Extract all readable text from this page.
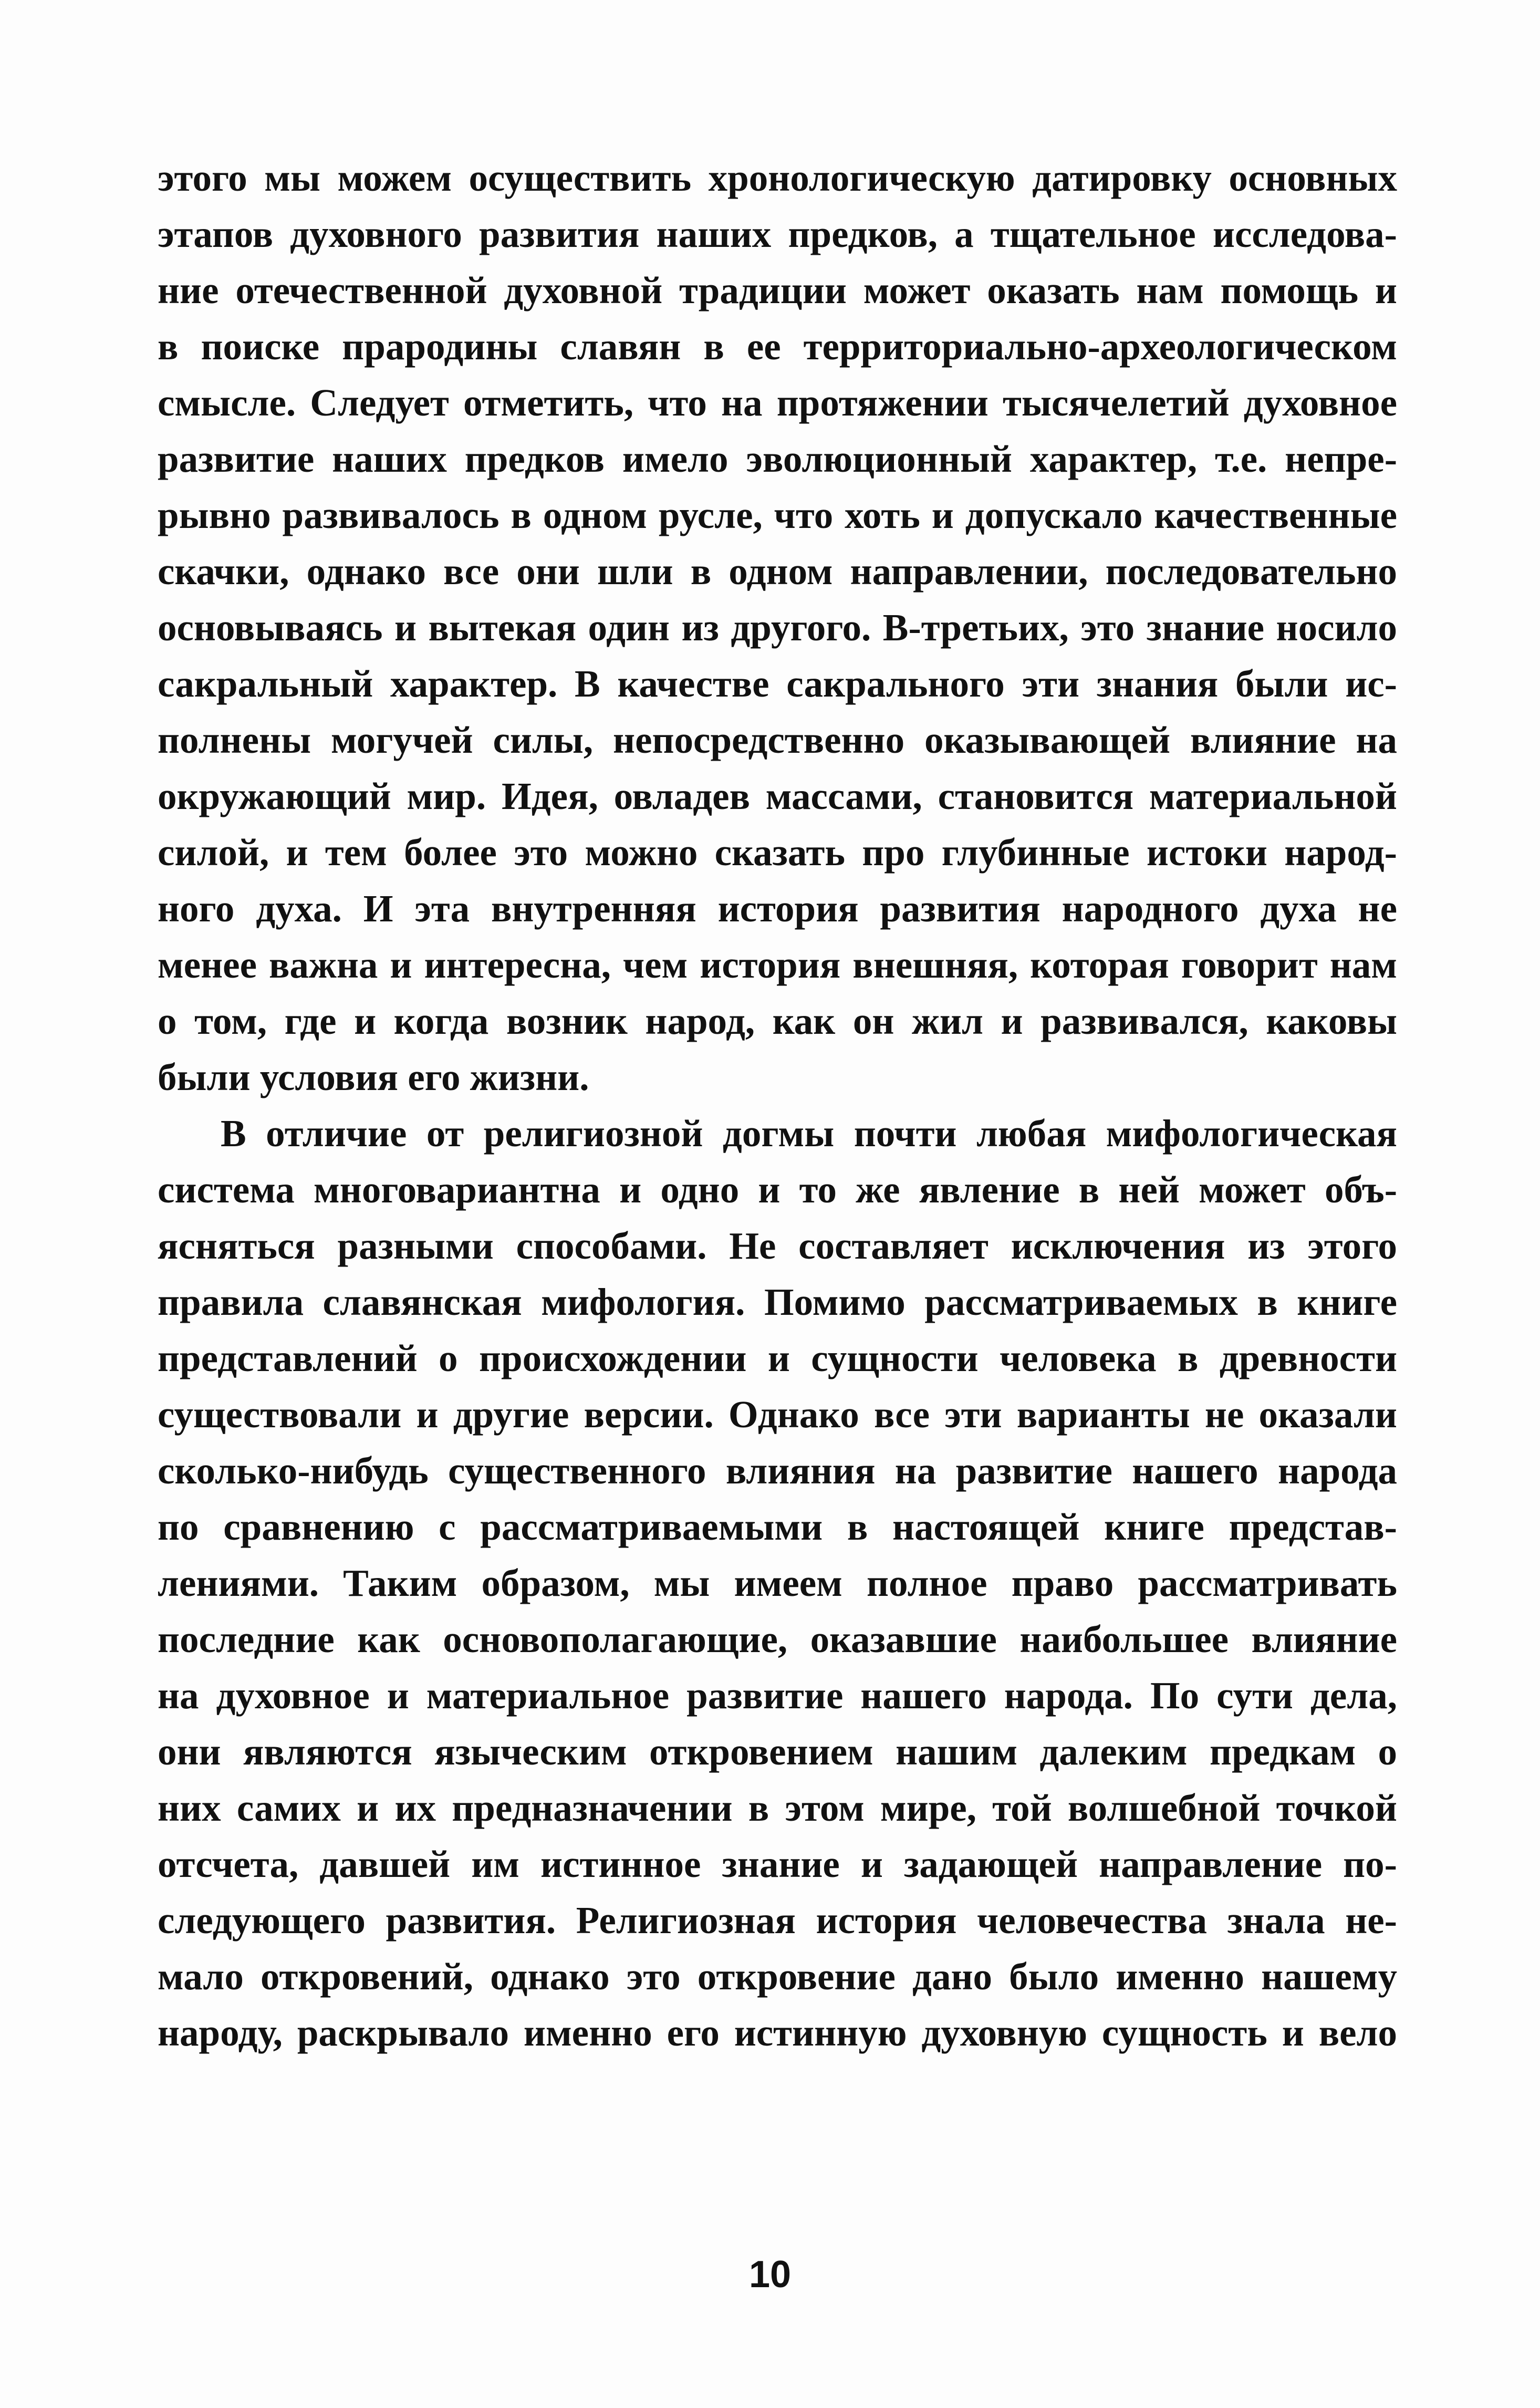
этого мы можем осуществить хронологическую датировку основных
этапов духовного развития наших предков, а тщательное исследова-
ние отечественной духовной традиции может оказать нам помощь и
в поиске прародины славян в ее территориально-археологическом
смысле. Следует отметить, что на протяжении тысячелетий духовное
развитие наших предков имело эволюционный характер, т.е. непре-
рывно развивалось в одном русле, что хоть и допускало качественные
скачки, однако все они шли в одном направлении, последовательно
основываясь и вытекая один из другого. В-третьих, это знание носило
сакральный характер. В качестве сакрального эти знания были ис-
полнены могучей силы, непосредственно оказывающей влияние на
окружающий мир. Идея, овладев массами, становится материальной
силой, и тем более это можно сказать про глубинные истоки народ-
ного духа. И эта внутренняя история развития народного духа не
менее важна и интересна, чем история внешняя, которая говорит нам
о том, где и когда возник народ, как он жил и развивался, каковы
были условия его жизни.
В отличие от религиозной догмы почти любая мифологическая
система многовариантна и одно и то же явление в ней может объ-
ясняться разными способами. Не составляет исключения из этого
правила славянская мифология. Помимо рассматриваемых в книге
представлений о происхождении и сущности человека в древности
существовали и другие версии. Однако все эти варианты не оказали
сколько-нибудь существенного влияния на развитие нашего народа
по сравнению с рассматриваемыми в настоящей книге представ-
лениями. Таким образом, мы имеем полное право рассматривать
последние как основополагающие, оказавшие наибольшее влияние
на духовное и материальное развитие нашего народа. По сути дела,
они являются языческим откровением нашим далеким предкам о
них самих и их предназначении в этом мире, той волшебной точкой
отсчета, давшей им истинное знание и задающей направление по-
следующего развития. Религиозная история человечества знала не-
мало откровений, однако это откровение дано было именно нашему
народу, раскрывало именно его истинную духовную сущность и вело
10
